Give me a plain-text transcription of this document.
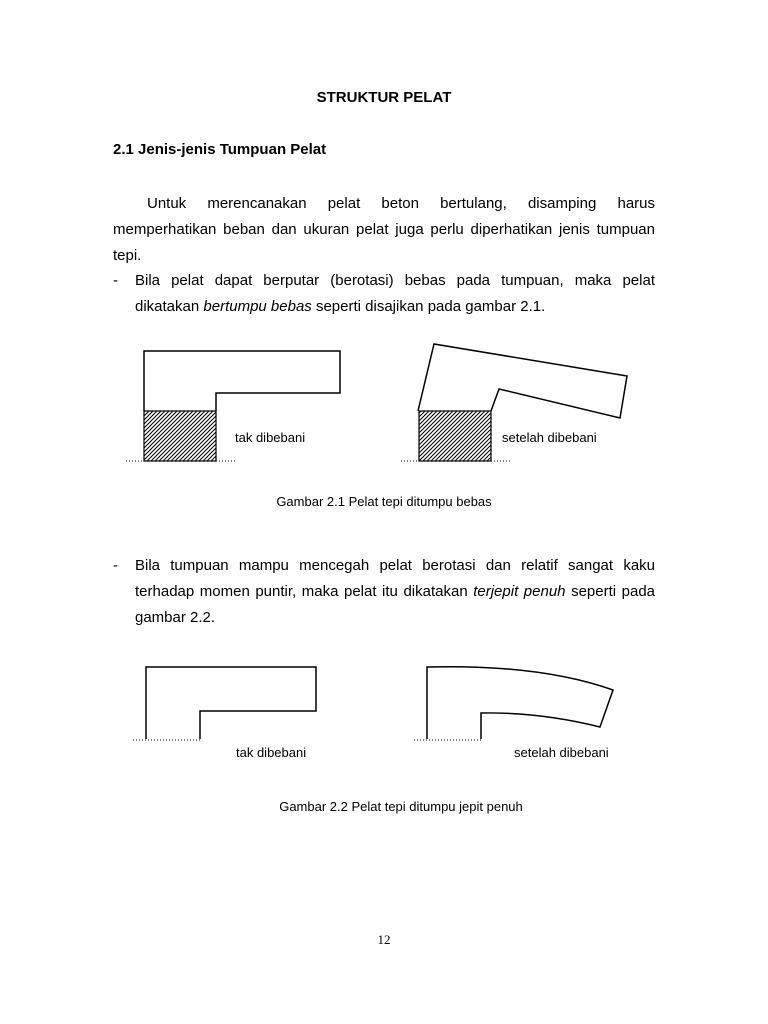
STRUKTUR PELAT
2.1 Jenis-jenis Tumpuan Pelat
Untuk merencanakan pelat beton bertulang, disamping harus memperhatikan beban dan ukuran pelat juga perlu diperhatikan jenis tumpuan tepi.
- Bila pelat dapat berputar (berotasi) bebas pada tumpuan, maka pelat dikatakan bertumpu bebas seperti disajikan pada gambar 2.1.
tak dibebani	setelah dibebani
Gambar 2.1 Pelat tepi ditumpu bebas
- Bila tumpuan mampu mencegah pelat berotasi dan relatif sangat kaku terhadap momen puntir, maka pelat itu dikatakan terjepit penuh seperti pada gambar 2.2.
tak dibebani	setelah dibebani
Gambar 2.2 Pelat tepi ditumpu jepit penuh
12
